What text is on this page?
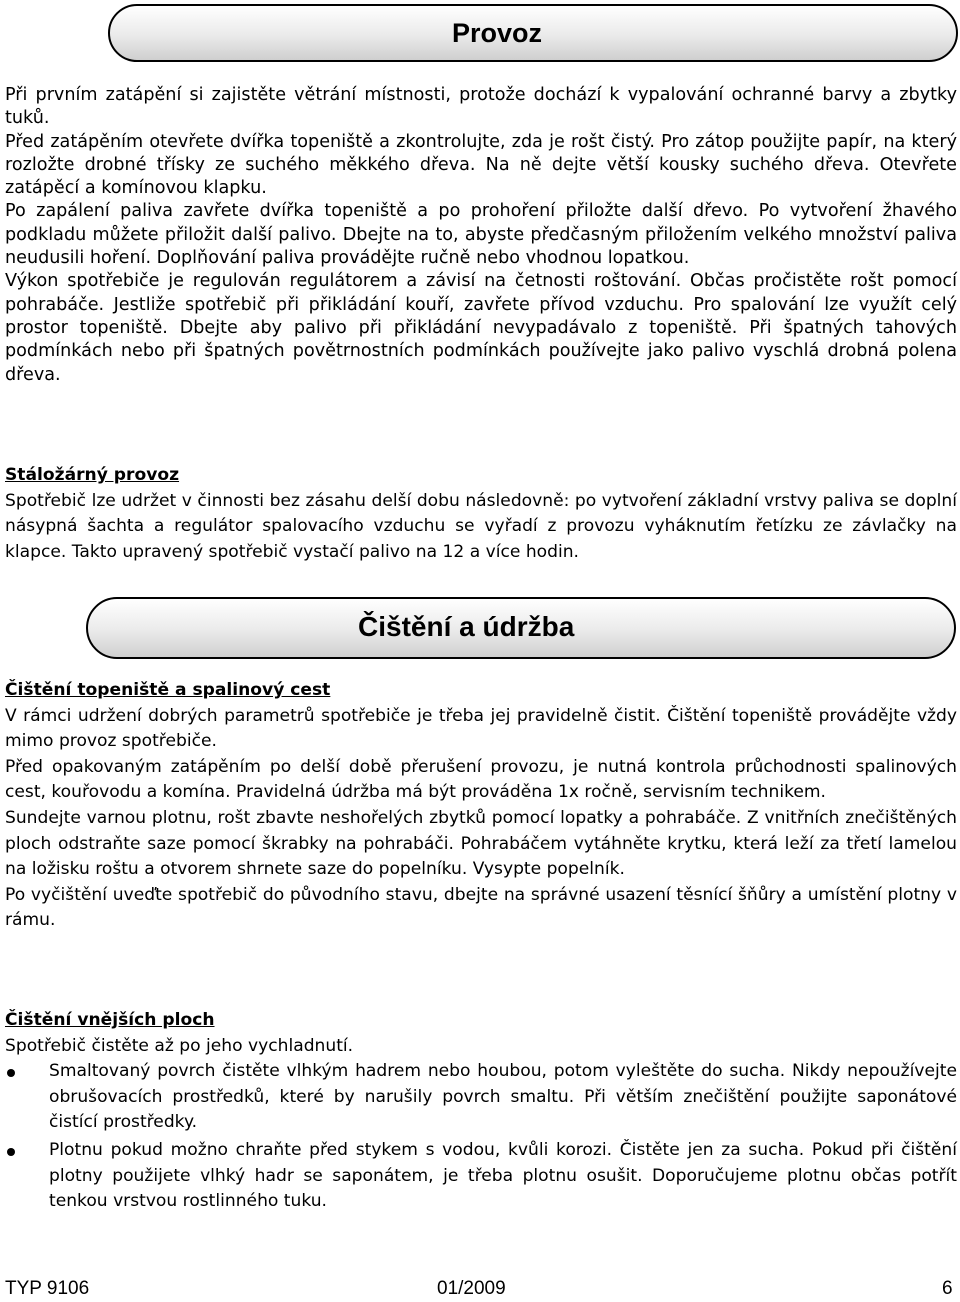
Provoz
Při prvním zatápění si zajistěte větrání místnosti, protože dochází k vypalování ochranné barvy a zbytky tuků.
Před zatápěním otevřete dvířka topeniště a zkontrolujte, zda je rošt čistý. Pro zátop použijte papír, na který rozložte drobné třísky ze suchého měkkého dřeva. Na ně dejte větší kousky suchého dřeva. Otevřete zatápěcí a komínovou klapku.
Po zapálení paliva zavřete dvířka topeniště a po prohoření přiložte další dřevo. Po vytvoření žhavého podkladu můžete přiložit další palivo. Dbejte na to, abyste předčasným přiložením velkého množství paliva neudusili hoření. Doplňování paliva provádějte ručně nebo vhodnou lopatkou.
Výkon spotřebiče je regulován regulátorem a závisí na četnosti roštování. Občas pročistěte rošt pomocí pohrabáče. Jestliže spotřebič při přikládání kouří, zavřete přívod vzduchu. Pro spalování lze využít celý prostor topeniště. Dbejte aby palivo při přikládání nevypadávalo z topeniště. Při špatných tahových podmínkách nebo při špatných povětrnostních podmínkách používejte jako palivo vyschlá drobná polena dřeva.
Stáložárný provoz
Spotřebič lze udržet v činnosti bez zásahu delší dobu následovně: po vytvoření základní vrstvy paliva se doplní násypná šachta a regulátor spalovacího vzduchu se vyřadí z provozu vyháknutím řetízku ze závlačky na klapce. Takto upravený spotřebič vystačí palivo na 12 a více hodin.
Čištění a údržba
Čištění topeniště a spalinový cest
V rámci udržení dobrých parametrů spotřebiče je třeba jej pravidelně čistit. Čištění topeniště provádějte vždy mimo provoz spotřebiče.
Před opakovaným zatápěním po delší době přerušení provozu, je nutná kontrola průchodnosti spalinových cest, kouřovodu a komína. Pravidelná údržba má být prováděna 1x ročně, servisním technikem.
Sundejte varnou plotnu, rošt zbavte neshořelých zbytků pomocí lopatky a pohrabáče. Z vnitřních znečištěných ploch odstraňte saze pomocí škrabky na pohrabáči. Pohrabáčem vytáhněte krytku, která leží za třetí lamelou na ložisku roštu a otvorem shrnete saze do popelníku. Vysypte popelník.
Po vyčištění uveďte spotřebič do původního stavu, dbejte na správné usazení těsnící šňůry a umístění plotny v rámu.
Čištění vnějších ploch
Spotřebič čistěte až po jeho vychladnutí.
Smaltovaný povrch čistěte vlhkým hadrem nebo houbou, potom vyleštěte do sucha. Nikdy nepoužívejte obrušovacích prostředků, které by narušily povrch smaltu. Při větším znečištění použijte saponátové čistící prostředky.
Plotnu pokud možno chraňte před stykem s vodou, kvůli korozi. Čistěte jen za sucha. Pokud při čištění plotny použijete vlhký hadr se saponátem, je třeba plotnu osušit. Doporučujeme plotnu občas potřít tenkou vrstvou rostlinného tuku.
TYP 9106	01/2009	6
